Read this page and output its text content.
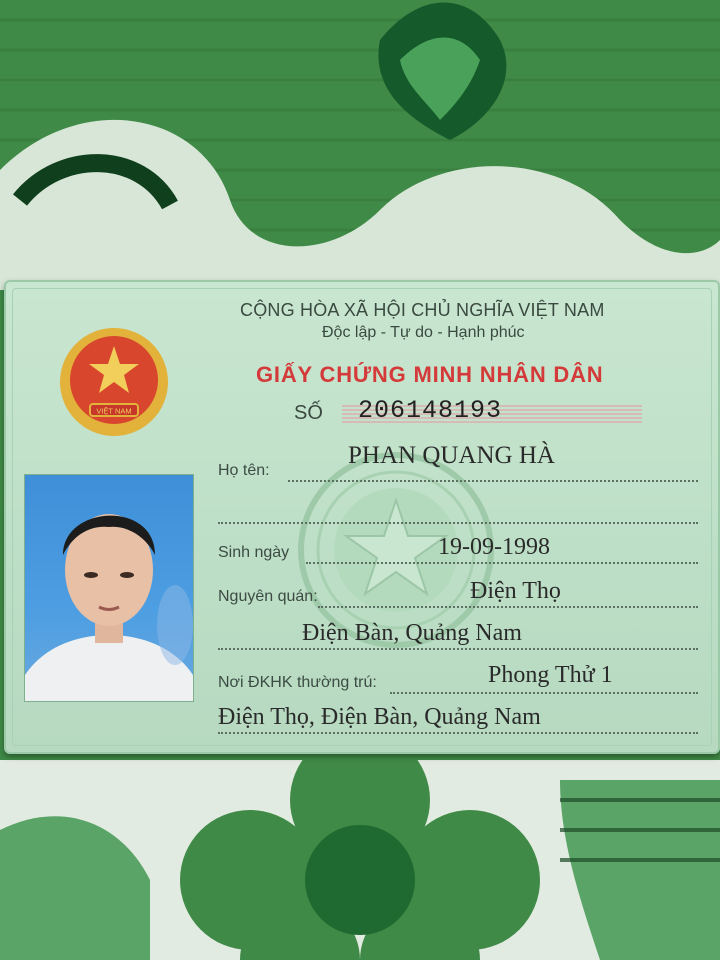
VIỆT NAM
CỘNG HÒA XÃ HỘI CHỦ NGHĨA VIỆT NAM
Độc lập - Tự do - Hạnh phúc
GIẤY CHỨNG MINH NHÂN DÂN
SỐ 206148193
Họ tên:
PHAN QUANG HÀ
Sinh ngày	19-09-1998
Nguyên quán:	Điện Thọ
Điện Bàn, Quảng Nam
Nơi ĐKHK thường trú:	Phong Thử 1
Điện Thọ, Điện Bàn, Quảng Nam
